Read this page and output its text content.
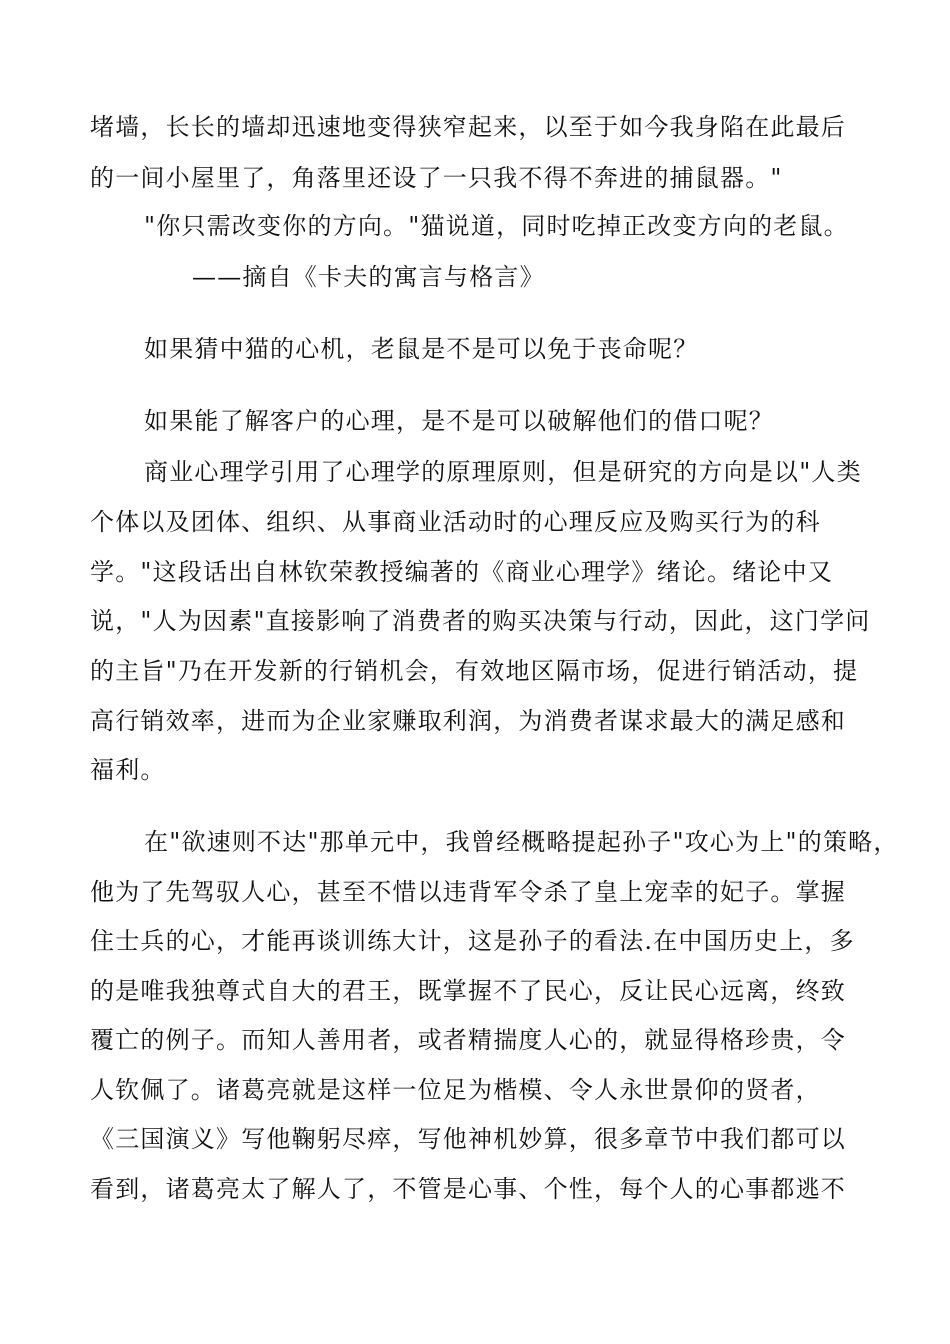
堵墙，长长的墙却迅速地变得狭窄起来，以至于如今我身陷在此最后
的一间小屋里了，角落里还设了一只我不得不奔进的捕鼠器。"
"你只需改变你的方向。"猫说道，同时吃掉正改变方向的老鼠。
——摘自《卡夫的寓言与格言》
如果猜中猫的心机，老鼠是不是可以免于丧命呢？
如果能了解客户的心理，是不是可以破解他们的借口呢？
商业心理学引用了心理学的原理原则，但是研究的方向是以"人类
个体以及团体、组织、从事商业活动时的心理反应及购买行为的科
学。"这段话出自林钦荣教授编著的《商业心理学》绪论。绪论中又
说，"人为因素"直接影响了消费者的购买决策与行动，因此，这门学问
的主旨"乃在开发新的行销机会，有效地区隔市场，促进行销活动，提
高行销效率，进而为企业家赚取利润，为消费者谋求最大的满足感和
福利。
在"欲速则不达"那单元中，我曾经概略提起孙子"攻心为上"的策略，
他为了先驾驭人心，甚至不惜以违背军令杀了皇上宠幸的妃子。掌握
住士兵的心，才能再谈训练大计，这是孙子的看法.在中国历史上，多
的是唯我独尊式自大的君王，既掌握不了民心，反让民心远离，终致
覆亡的例子。而知人善用者，或者精揣度人心的，就显得格珍贵，令
人钦佩了。诸葛亮就是这样一位足为楷模、令人永世景仰的贤者，
《三国演义》写他鞠躬尽瘁，写他神机妙算，很多章节中我们都可以
看到，诸葛亮太了解人了，不管是心事、个性，每个人的心事都逃不
